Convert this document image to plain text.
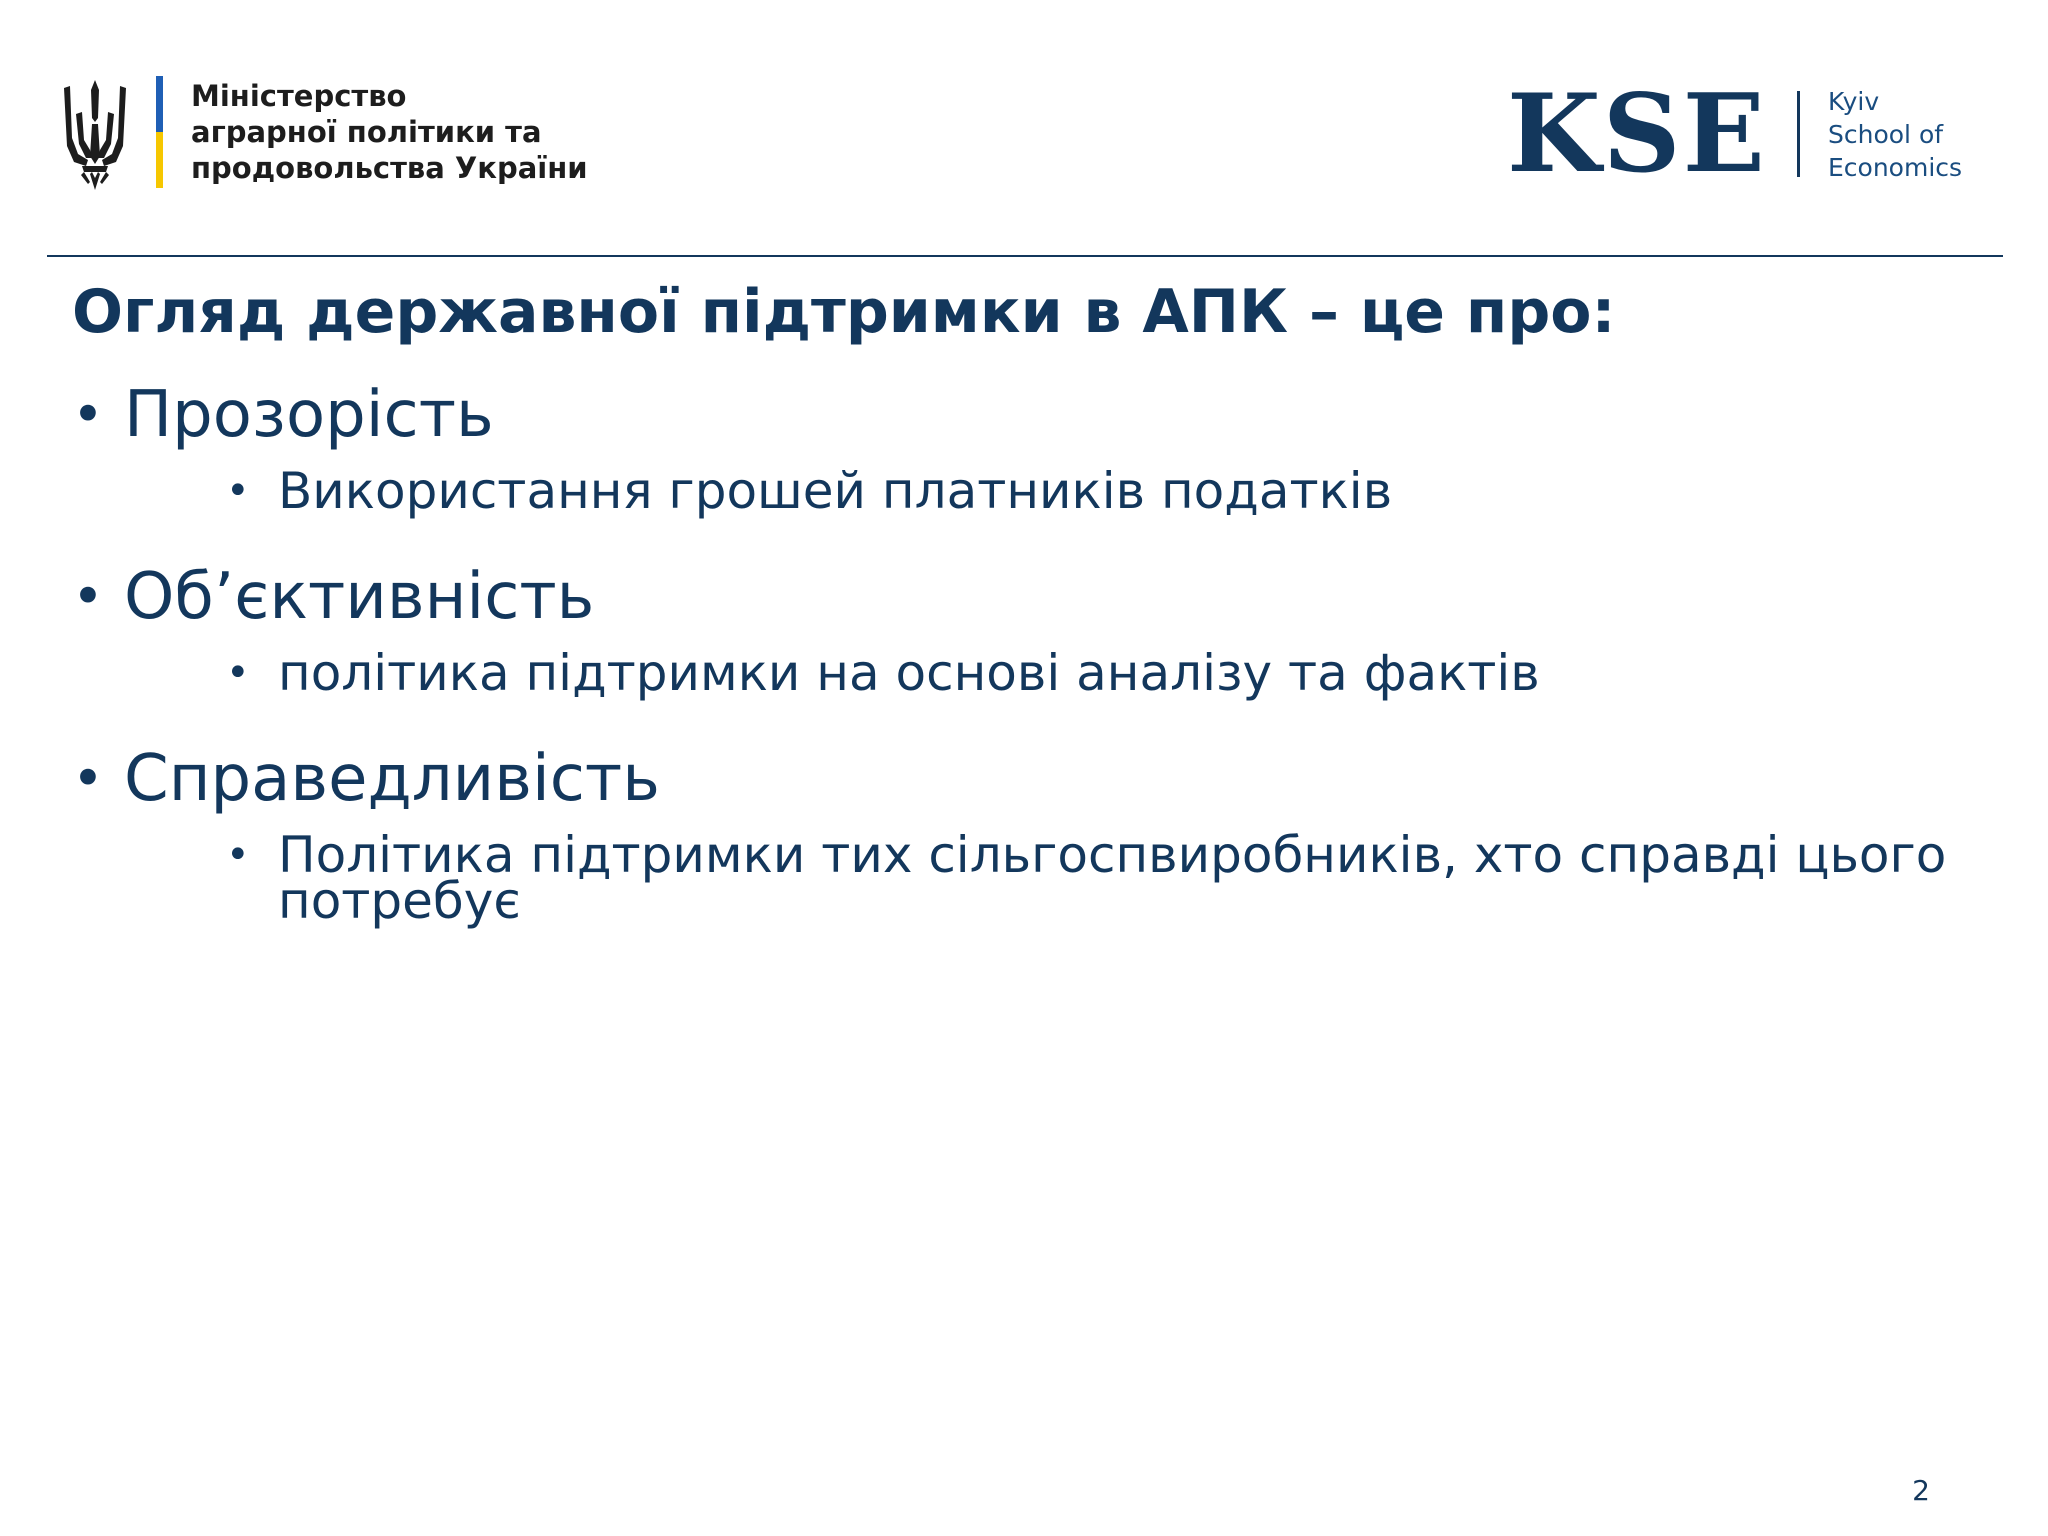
Міністерство
аграрної політики та
продовольства України	KSE Kyiv
School of
Economics
Огляд державної підтримки в АПК – це про:
• Прозорість
• Використання грошей платників податків
• Об’єктивність
• політика підтримки на основі аналізу та фактів
• Справедливість
• Політика підтримки тих сільгоспвиробників, хто справді цього
потребує
2
